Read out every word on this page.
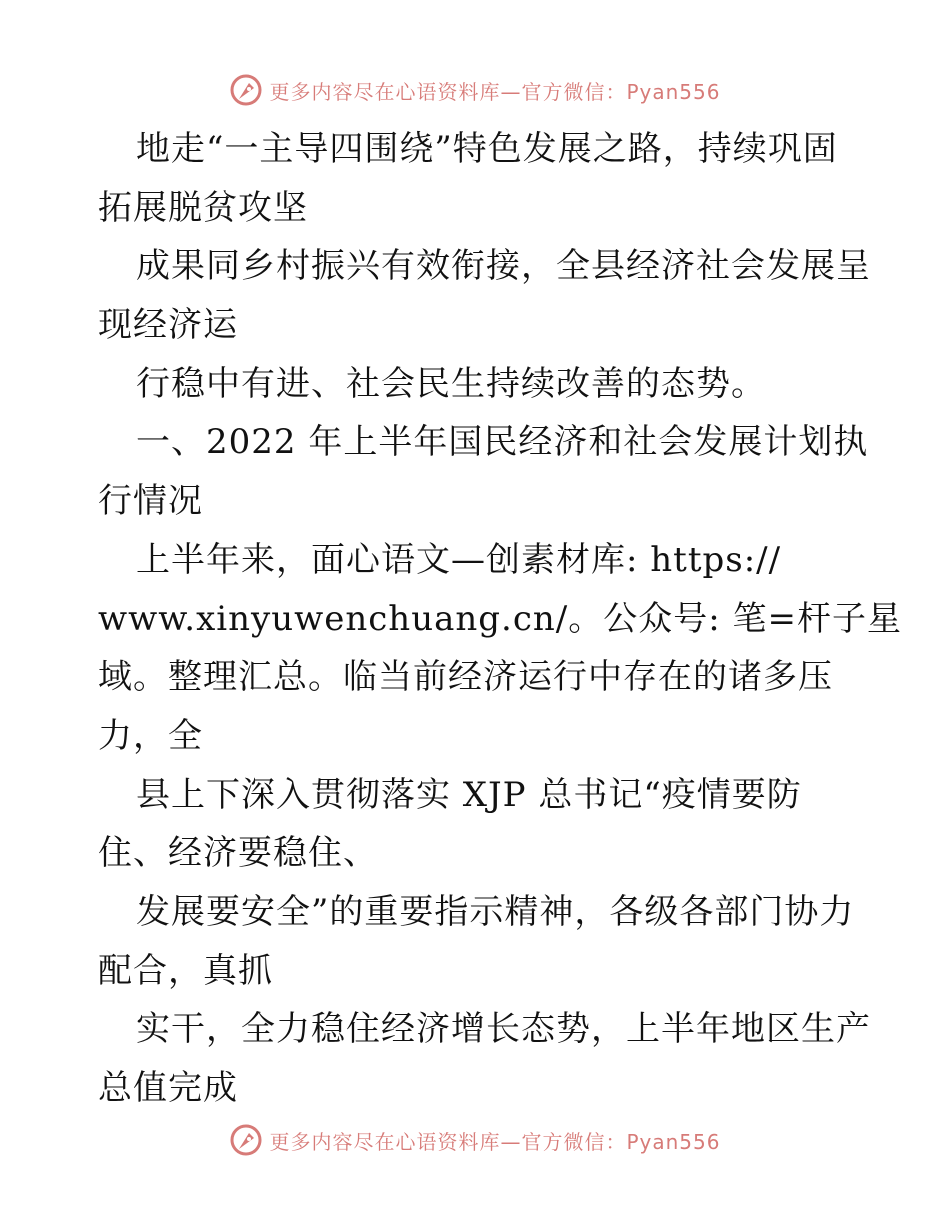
更多内容尽在心语资料库—官方微信：Pyan556
地走“一主导四围绕”特色发展之路，持续巩固
拓展脱贫攻坚
成果同乡村振兴有效衔接，全县经济社会发展呈
现经济运
行稳中有进、社会民生持续改善的态势。
一、2022 年上半年国民经济和社会发展计划执
行情况
上半年来，面心语文—创素材库: https://
www.xinyuwenchuang.cn/。公众号: 笔=杆子星
域。整理汇总。临当前经济运行中存在的诸多压
力，全
县上下深入贯彻落实 XJP 总书记“疫情要防
住、经济要稳住、
发展要安全”的重要指示精神，各级各部门协力
配合，真抓
实干，全力稳住经济增长态势，上半年地区生产
总值完成
更多内容尽在心语资料库—官方微信：Pyan556
